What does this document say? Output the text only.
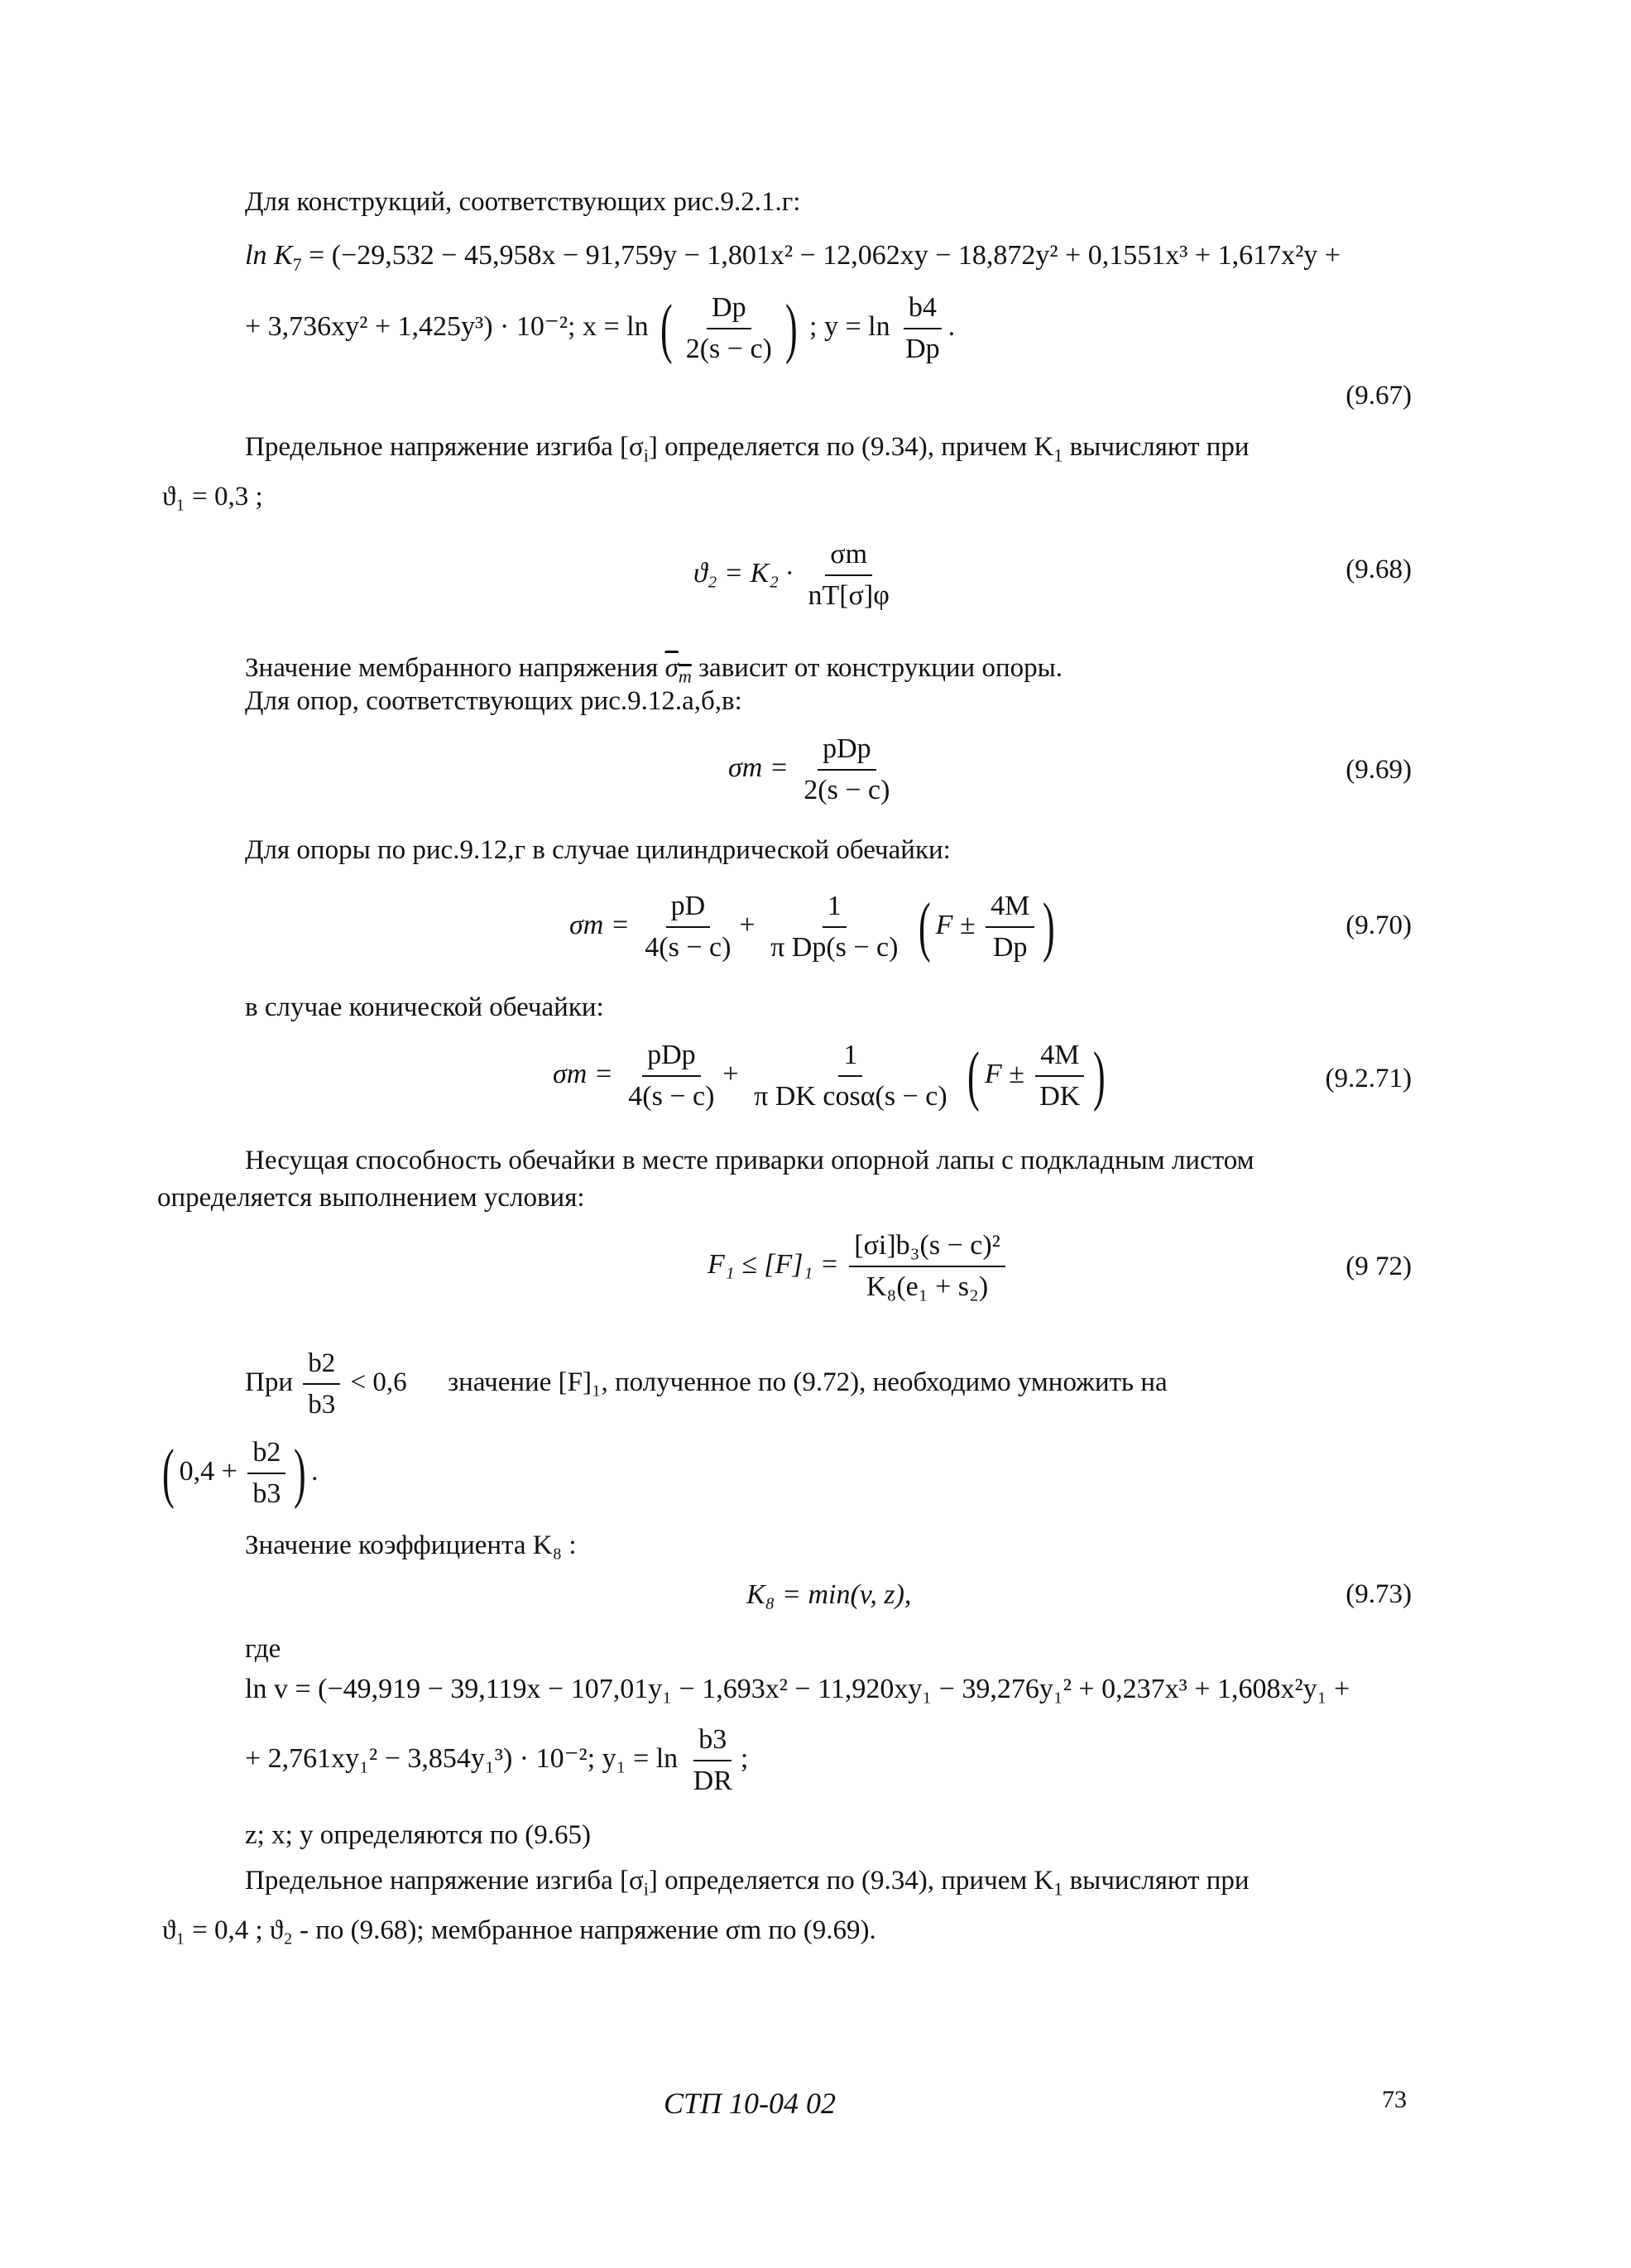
Для конструкций, соответствующих рис.9.2.1.г:
$\ln K_7 = (-29,532 - 45,958x - 91,759y - 1,801x^2 - 12,062xy - 18,872y^2 + 0,1551x^3 + 1,617x^2y$ +
+ 3,736xy² + 1,425y³) · 10⁻²; x = ln ( $\frac{Dp}{2(s - c)}$ ) ; $y = \ln \frac{b4}{Dp}$ .
(9.67)
Предельное напряжение изгиба $[\sigma_i]$ определяется по (9.34), причем $K_1$ вычисляют при
ϑ₁ = 0,3 ;
$ϑ_2 = K_2 \cdot \frac{\sigma m}{nT[\sigma]\varphi}$	(9.68)
Значение мембранного напряжения $\sigma_m$ зависит от конструкции опоры.
Для опор, соответствующих рис.9.12.а,б,в:
$\sigma m = \frac{\text{pDp}}{2(s - c)}$	(9.69)
Для опоры по рис.9.12,г в случае цилиндрической обечайки:
$\sigma m = \frac{pD}{4(s - c)} + \frac{1}{\text{π Dp(s − c)}}$ ( $F \pm \frac{4M}{Dp}$ )	(9.70)
в случае конической обечайки:
$\sigma m = \frac{\text{pDp}}{4(s - c)} + \frac{1}{\text{π DK cosα(s − c)}}$ ( $F \pm \frac{4M}{DK}$ )	(9.2.71)
Несущая способность обечайки в месте приварки опорной лапы с подкладным листом
определяется выполнением условия:
$F_1 \le [F]_1 = \frac{\text{[σi]b₃(s − c)²}}{\text{K₈(e₁ + s₂)}}$	(9 72)
При $\frac{b2}{b3} < 0,6$ значение [F]₁, полученное по (9.72), необходимо умножить на
( $0,4 + \frac{b2}{b3}$ ) .
Значение коэффициента K₈ :
K₈ = min(v, z),	(9.73)
где
ln v = (−49,919 − 39,119x − 107,01y₁ − 1,693x² − 11,920xy₁ − 39,276y₁² + 0,237x³ + 1,608x²y₁ +
+ 2,761xy₁² − 3,854y₁³) · 10⁻²; $y_1 = \ln \frac{b3}{DR}$ ;
z; x; y определяются по (9.65)
Предельное напряжение изгиба $[\sigma_i]$ определяется по (9.34), причем $K_1$ вычисляют при
ϑ₁ = 0,4 ; ϑ₂ - по (9.68); мембранное напряжение σm по (9.69).
СТП 10-04 02	73
